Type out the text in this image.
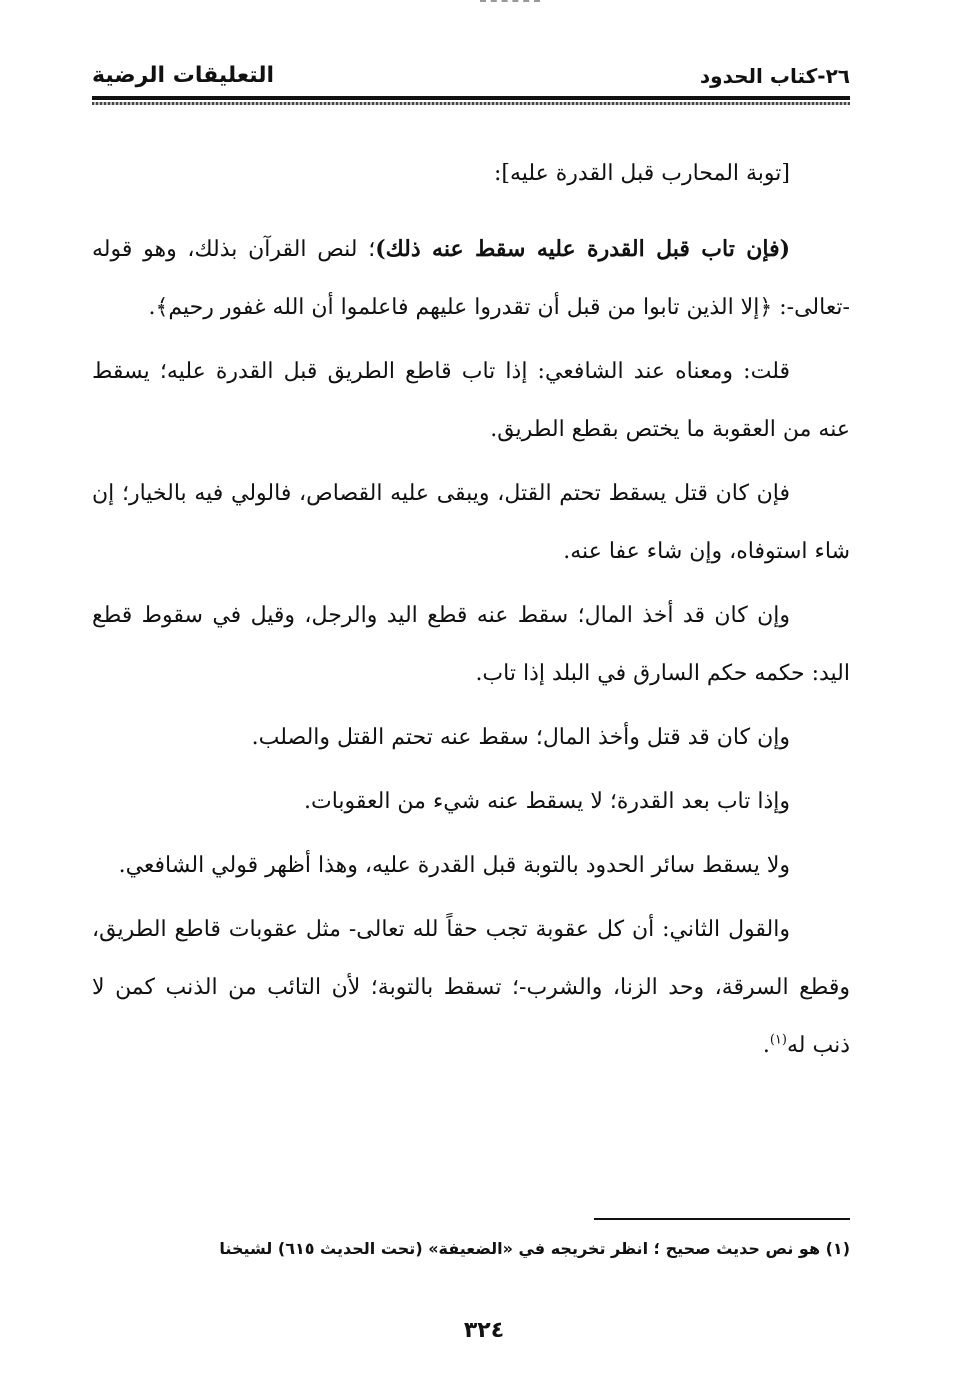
٢٦-كتاب الحدود
التعليقات الرضية
[توبة المحارب قبل القدرة عليه]:

(فإن تاب قبل القدرة عليه سقط عنه ذلك)؛ لنص القرآن بذلك، وهو قوله -تعالى-: ﴿إلا الذين تابوا من قبل أن تقدروا عليهم فاعلموا أن الله غفور رحيم﴾.

قلت: ومعناه عند الشافعي: إذا تاب قاطع الطريق قبل القدرة عليه؛ يسقط عنه من العقوبة ما يختص بقطع الطريق.

فإن كان قتل يسقط تحتم القتل، ويبقى عليه القصاص، فالولي فيه بالخيار؛ إن شاء استوفاه، وإن شاء عفا عنه.

وإن كان قد أخذ المال؛ سقط عنه قطع اليد والرجل، وقيل في سقوط قطع اليد: حكمه حكم السارق في البلد إذا تاب.

وإن كان قد قتل وأخذ المال؛ سقط عنه تحتم القتل والصلب.

وإذا تاب بعد القدرة؛ لا يسقط عنه شيء من العقوبات.

ولا يسقط سائر الحدود بالتوبة قبل القدرة عليه، وهذا أظهر قولي الشافعي.

والقول الثاني: أن كل عقوبة تجب حقاً لله تعالى- مثل عقوبات قاطع الطريق، وقطع السرقة، وحد الزنا، والشرب-؛ تسقط بالتوبة؛ لأن التائب من الذنب كمن لا ذنب له$^{(١)}$.

(١) هو نص حديث صحيح ؛ انظر تخريجه في «الضعيفة» (تحت الحديث ٦١٥) لشيخنا
٣٢٤
